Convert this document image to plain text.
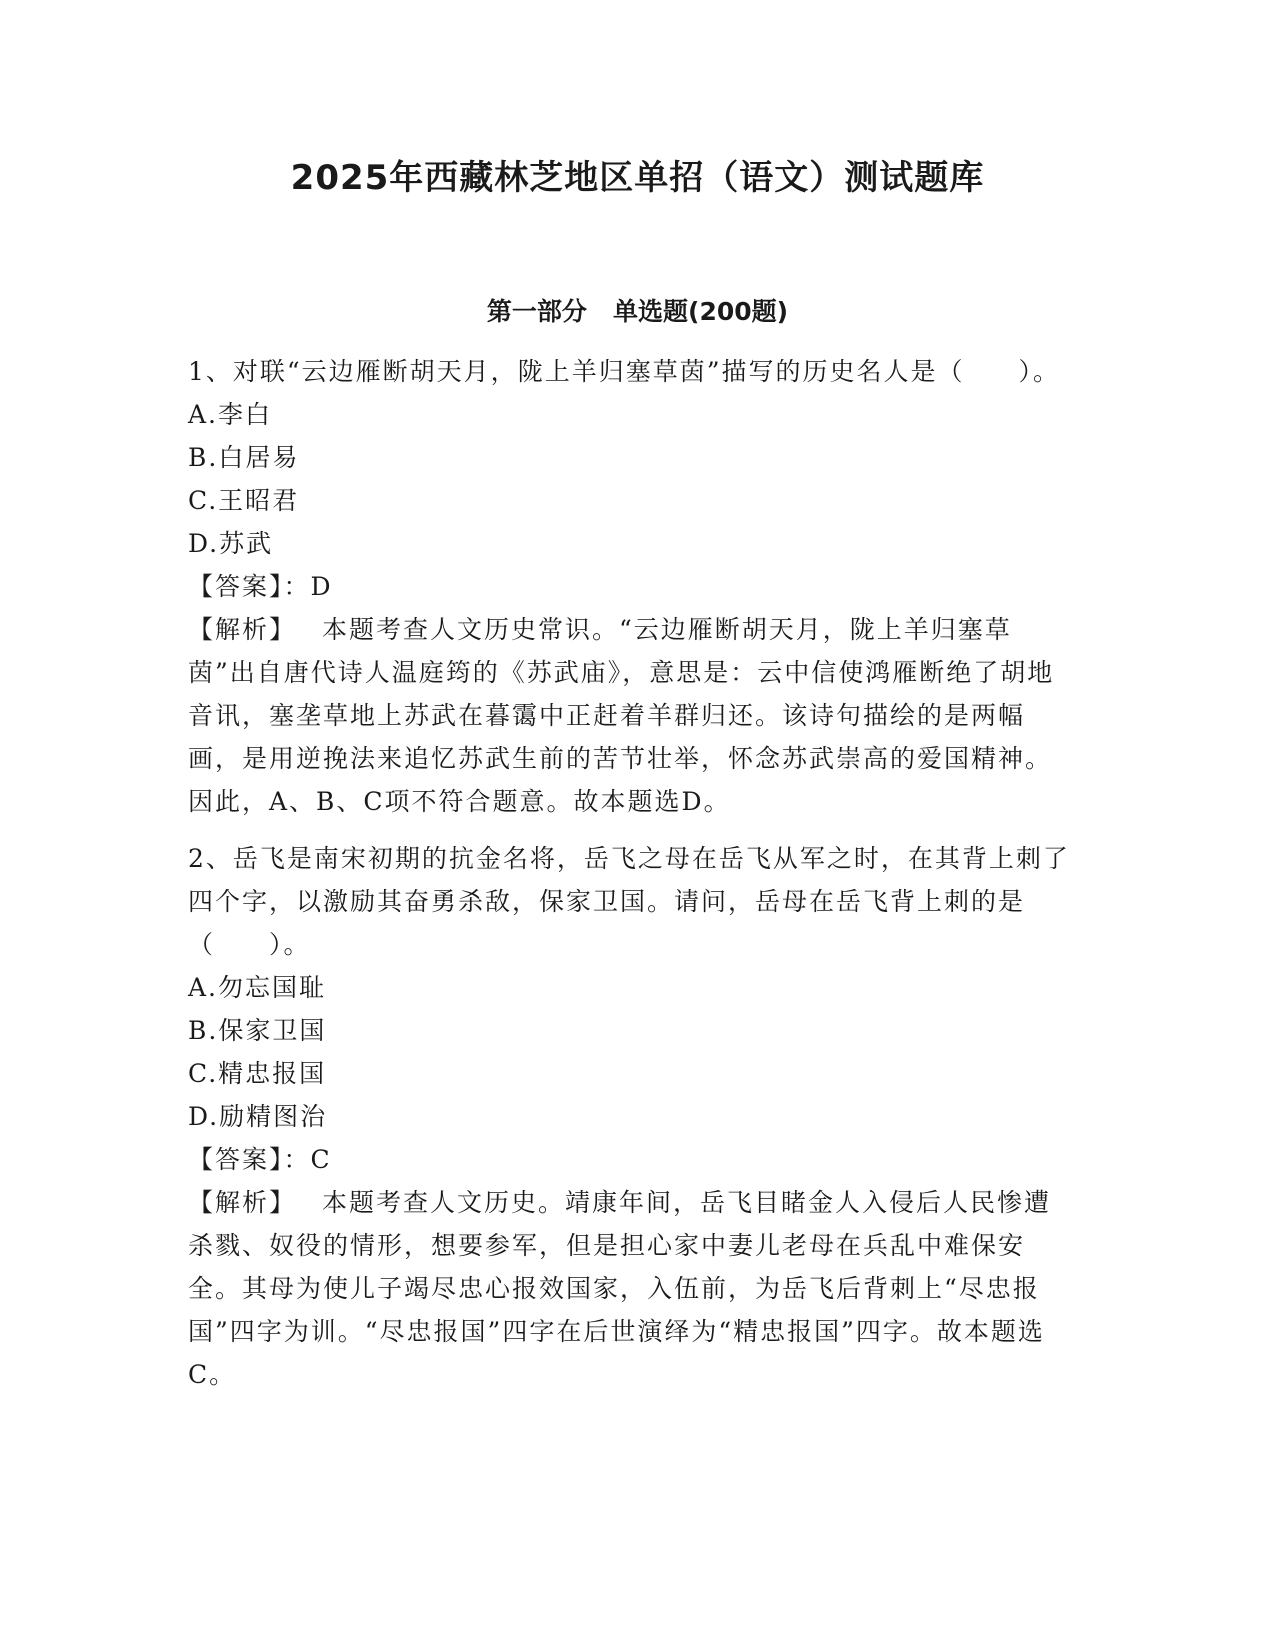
2025年西藏林芝地区单招（语文）测试题库
第一部分   单选题(200题)

1、对联“云边雁断胡天月，陇上羊归塞草茵”描写的历史名人是（　　）。

A.李白

B.白居易

C.王昭君

D.苏武

【答案】：D

【解析】 本题考查人文历史常识。“云边雁断胡天月，陇上羊归塞草茵”出自唐代诗人温庭筠的《苏武庙》，意思是：云中信使鸿雁断绝了胡地音讯，塞垄草地上苏武在暮霭中正赶着羊群归还。该诗句描绘的是两幅画，是用逆挽法来追忆苏武生前的苦节壮举，怀念苏武崇高的爱国精神。因此，A、B、C项不符合题意。故本题选D。

2、岳飞是南宋初期的抗金名将，岳飞之母在岳飞从军之时，在其背上刺了四个字，以激励其奋勇杀敌，保家卫国。请问，岳母在岳飞背上刺的是（　　）。

A.勿忘国耻

B.保家卫国

C.精忠报国

D.励精图治

【答案】：C

【解析】 本题考查人文历史。靖康年间，岳飞目睹金人入侵后人民惨遭杀戮、奴役的情形，想要参军，但是担心家中妻儿老母在兵乱中难保安全。其母为使儿子竭尽忠心报效国家，入伍前，为岳飞后背刺上“尽忠报国”四字为训。“尽忠报国”四字在后世演绎为“精忠报国”四字。故本题选C。
